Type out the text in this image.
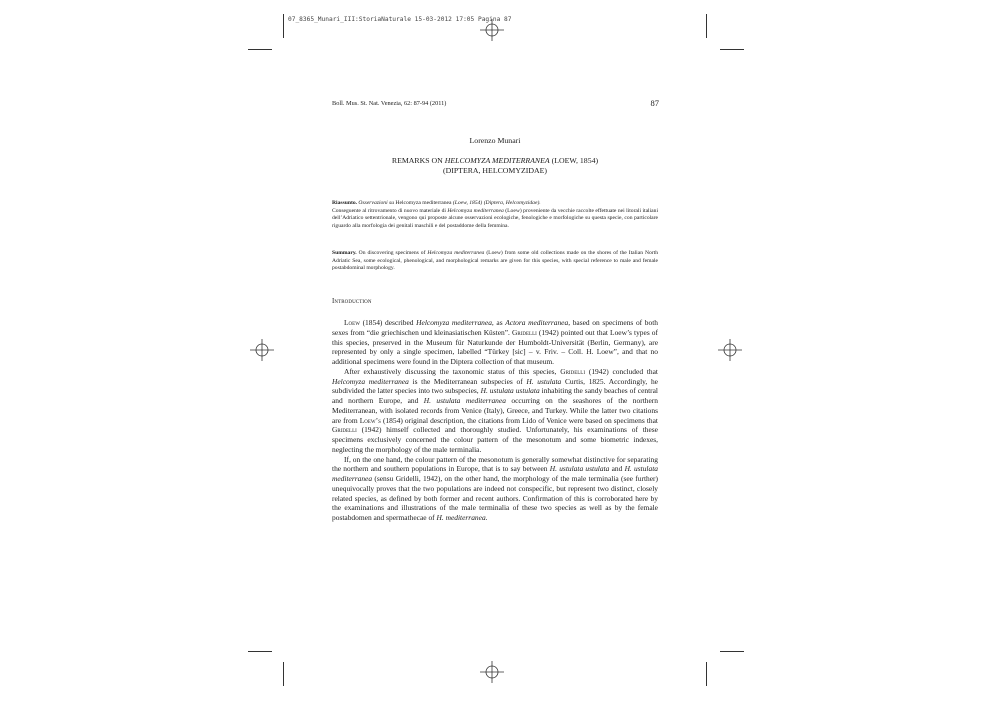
07_8365_Munari_III:StoriaNaturale 15-03-2012 17:05 Pagina 87
Boll. Mus. St. Nat. Venezia, 62: 87-94 (2011)	87
Lorenzo Munari
REMARKS ON HELCOMYZA MEDITERRANEA (LOEW, 1854)
(DIPTERA, HELCOMYZIDAE)
Riassunto. Osservazioni su Helcomyza mediterranea (Loew, 1854) (Diptera, Helcomyzidae).
Conseguente al ritrovamento di nuovo materiale di Helcomyza mediterranea (Loew) proveniente da vecchie raccolte effettuate nei litorali italiani dell’Adriatico settentrionale, vengono qui proposte alcune osservazioni ecologiche, fenologiche e morfologiche su questa specie, con particolare riguardo alla morfologia dei genitali maschili e del postaddome della femmina.
Summary. On discovering specimens of Helcomyza mediterranea (Loew) from some old collections made on the shores of the Italian North Adriatic Sea, some ecological, phenological, and morphological remarks are given for this species, with special reference to male and female postabdominal morphology.
Introduction

Loew (1854) described Helcomyza mediterranea, as Actora mediterranea, based on specimens of both sexes from “die griechischen und kleinasiatischen Küsten”. Gridelli (1942) pointed out that Loew’s types of this species, preserved in the Museum für Naturkunde der Humboldt-Universität (Berlin, Germany), are represented by only a single specimen, labelled “Türkey [sic] – v. Friv. – Coll. H. Loew”, and that no additional specimens were found in the Diptera collection of that museum.

After exhaustively discussing the taxonomic status of this species, Gridelli (1942) concluded that Helcomyza mediterranea is the Mediterranean subspecies of H. ustulata Curtis, 1825. Accordingly, he subdivided the latter species into two subspecies, H. ustulata ustulata inhabiting the sandy beaches of central and northern Europe, and H. ustulata mediterranea occurring on the seashores of the northern Mediterranean, with isolated records from Venice (Italy), Greece, and Turkey. While the latter two citations are from Loew’s (1854) original description, the citations from Lido of Venice were based on specimens that Gridelli (1942) himself collected and thoroughly studied. Unfortunately, his examinations of these specimens exclusively concerned the colour pattern of the mesonotum and some biometric indexes, neglecting the morphology of the male terminalia.

If, on the one hand, the colour pattern of the mesonotum is generally somewhat distinctive for separating the northern and southern populations in Europe, that is to say between H. ustulata ustulata and H. ustulata mediterranea (sensu Gridelli, 1942), on the other hand, the morphology of the male terminalia (see further) unequivocally proves that the two populations are indeed not conspecific, but represent two distinct, closely related species, as defined by both former and recent authors. Confirmation of this is corroborated here by the examinations and illustrations of the male terminalia of these two species as well as by the female postabdomen and spermathecae of H. mediterranea.
